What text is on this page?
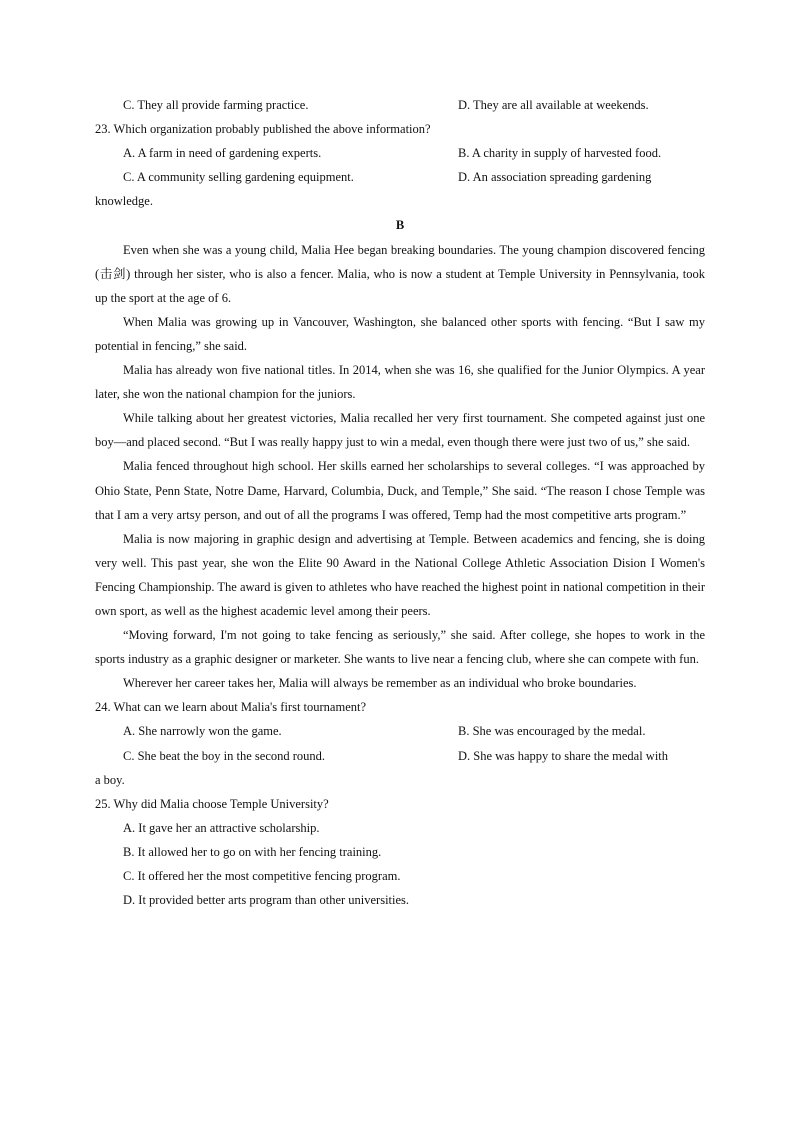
C. They all provide farming practice.	D. They are all available at weekends.
23. Which organization probably published the above information?
A. A farm in need of gardening experts.	B. A charity in supply of harvested food.
C. A community selling gardening equipment.	D. An association spreading gardening
knowledge.
B
Even when she was a young child, Malia Hee began breaking boundaries. The young champion discovered fencing (击剑) through her sister, who is also a fencer. Malia, who is now a student at Temple University in Pennsylvania, took up the sport at the age of 6.
When Malia was growing up in Vancouver, Washington, she balanced other sports with fencing. “But I saw my potential in fencing,” she said.
Malia has already won five national titles. In 2014, when she was 16, she qualified for the Junior Olympics. A year later, she won the national champion for the juniors.
While talking about her greatest victories, Malia recalled her very first tournament. She competed against just one boy—and placed second. “But I was really happy just to win a medal, even though there were just two of us,” she said.
Malia fenced throughout high school. Her skills earned her scholarships to several colleges. “I was approached by Ohio State, Penn State, Notre Dame, Harvard, Columbia, Duck, and Temple,” She said. “The reason I chose Temple was that I am a very artsy person, and out of all the programs I was offered, Temp had the most competitive arts program.”
Malia is now majoring in graphic design and advertising at Temple. Between academics and fencing, she is doing very well. This past year, she won the Elite 90 Award in the National College Athletic Association Dision I Women's Fencing Championship. The award is given to athletes who have reached the highest point in national competition in their own sport, as well as the highest academic level among their peers.
“Moving forward, I'm not going to take fencing as seriously,” she said. After college, she hopes to work in the sports industry as a graphic designer or marketer. She wants to live near a fencing club, where she can compete with fun.
Wherever her career takes her, Malia will always be remember as an individual who broke boundaries.
24. What can we learn about Malia's first tournament?
A. She narrowly won the game.	B. She was encouraged by the medal.
C. She beat the boy in the second round.	D. She was happy to share the medal with
a boy.
25. Why did Malia choose Temple University?
A. It gave her an attractive scholarship.
B. It allowed her to go on with her fencing training.
C. It offered her the most competitive fencing program.
D. It provided better arts program than other universities.
